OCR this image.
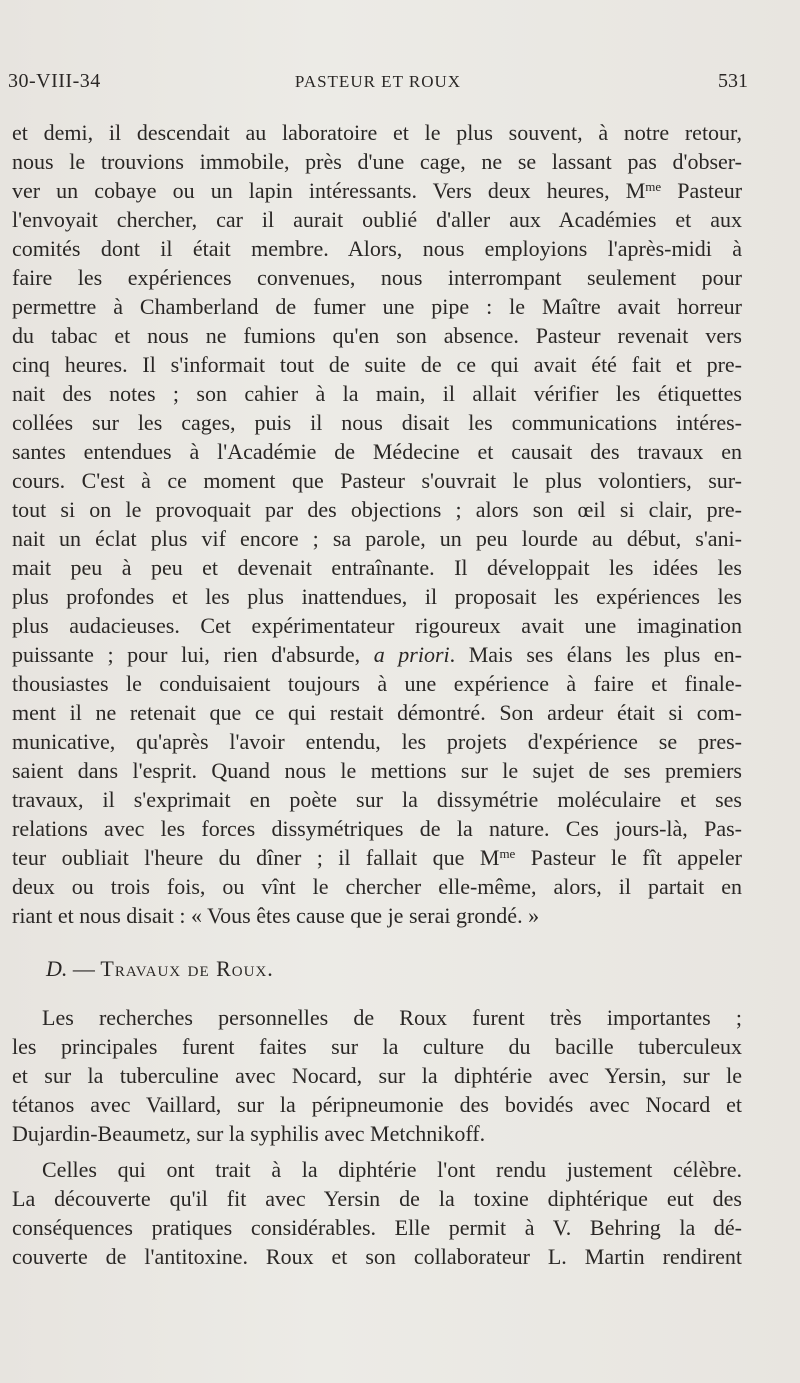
30-VIII-34	PASTEUR ET ROUX	531
et demi, il descendait au laboratoire et le plus souvent, à notre retour,
nous le trouvions immobile, près d'une cage, ne se lassant pas d'obser-
ver un cobaye ou un lapin intéressants. Vers deux heures, $M^{me}$ Pasteur
l'envoyait chercher, car il aurait oublié d'aller aux Académies et aux
comités dont il était membre. Alors, nous employions l'après-midi à
faire les expériences convenues, nous interrompant seulement pour
permettre à Chamberland de fumer une pipe : le Maître avait horreur
du tabac et nous ne fumions qu'en son absence. Pasteur revenait vers
cinq heures. Il s'informait tout de suite de ce qui avait été fait et pre-
nait des notes ; son cahier à la main, il allait vérifier les étiquettes
collées sur les cages, puis il nous disait les communications intéres-
santes entendues à l'Académie de Médecine et causait des travaux en
cours. C'est à ce moment que Pasteur s'ouvrait le plus volontiers, sur-
tout si on le provoquait par des objections ; alors son œil si clair, pre-
nait un éclat plus vif encore ; sa parole, un peu lourde au début, s'ani-
mait peu à peu et devenait entraînante. Il développait les idées les
plus profondes et les plus inattendues, il proposait les expériences les
plus audacieuses. Cet expérimentateur rigoureux avait une imagination
puissante ; pour lui, rien d'absurde, a priori. Mais ses élans les plus en-
thousiastes le conduisaient toujours à une expérience à faire et finale-
ment il ne retenait que ce qui restait démontré. Son ardeur était si com-
municative, qu'après l'avoir entendu, les projets d'expérience se pres-
saient dans l'esprit. Quand nous le mettions sur le sujet de ses premiers
travaux, il s'exprimait en poète sur la dissymétrie moléculaire et ses
relations avec les forces dissymétriques de la nature. Ces jours-là, Pas-
teur oubliait l'heure du dîner ; il fallait que $M^{me}$ Pasteur le fît appeler
deux ou trois fois, ou vînt le chercher elle-même, alors, il partait en
riant et nous disait : « Vous êtes cause que je serai grondé. »
D. — Travaux de Roux.
Les recherches personnelles de Roux furent très importantes ;
les principales furent faites sur la culture du bacille tuberculeux
et sur la tuberculine avec Nocard, sur la diphtérie avec Yersin, sur le
tétanos avec Vaillard, sur la péripneumonie des bovidés avec Nocard et
Dujardin-Beaumetz, sur la syphilis avec Metchnikoff.
Celles qui ont trait à la diphtérie l'ont rendu justement célèbre.
La découverte qu'il fit avec Yersin de la toxine diphtérique eut des
conséquences pratiques considérables. Elle permit à V. Behring la dé-
couverte de l'antitoxine. Roux et son collaborateur L. Martin rendirent
